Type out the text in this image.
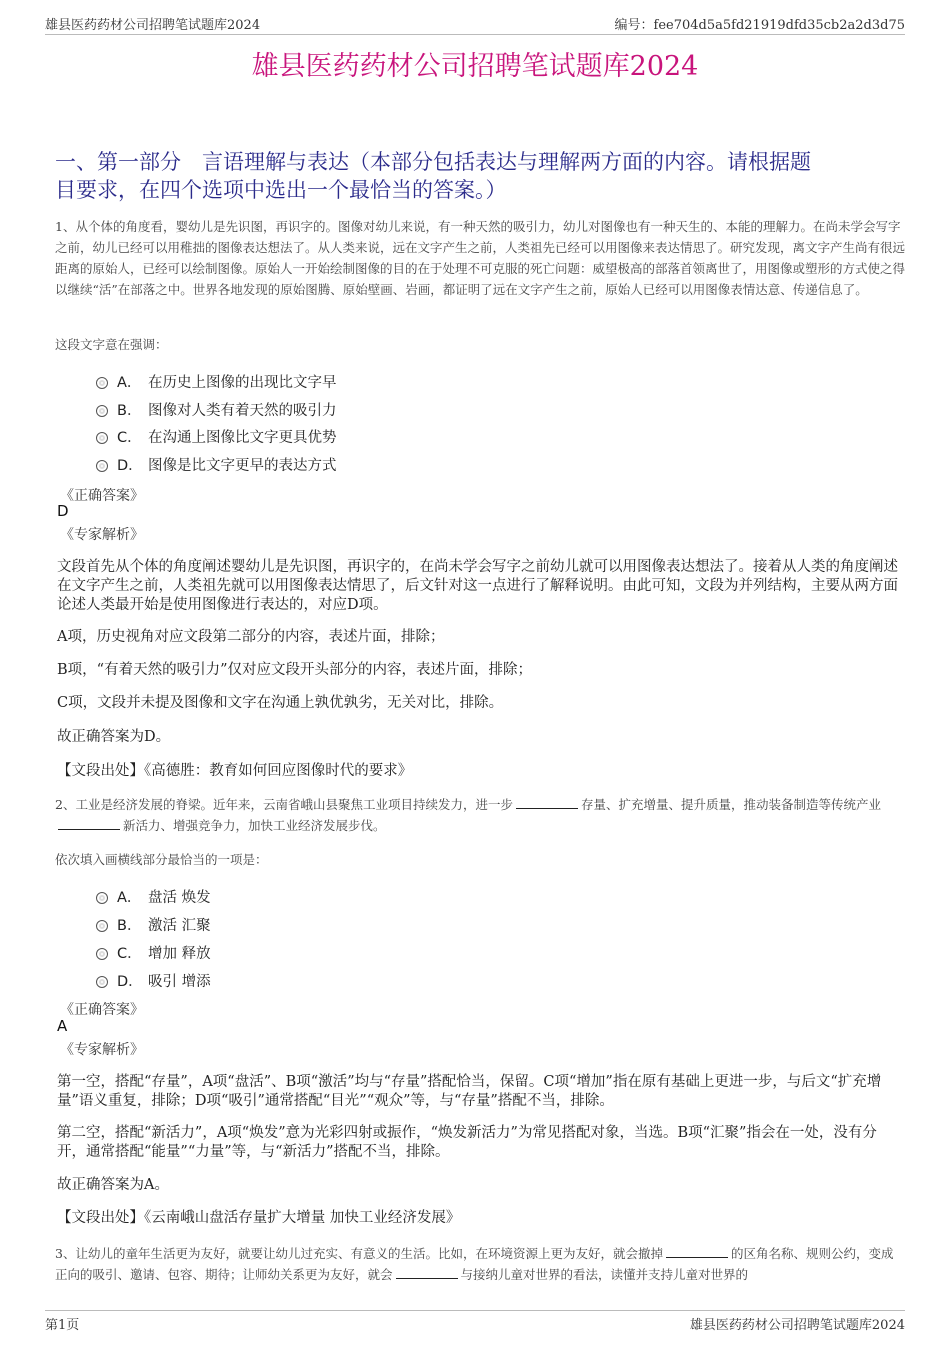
雄县医药药材公司招聘笔试题库2024	编号：fee704d5a5fd21919dfd35cb2a2d3d75
雄县医药药材公司招聘笔试题库2024
一、第一部分　言语理解与表达（本部分包括表达与理解两方面的内容。请根据题
目要求，在四个选项中选出一个最恰当的答案。）
1、从个体的角度看，婴幼儿是先识图，再识字的。图像对幼儿来说，有一种天然的吸引力，幼儿对图像也有一种天生的、本能的理解力。在尚未学会写字之前，幼儿已经可以用稚拙的图像表达想法了。从人类来说，远在文字产生之前，人类祖先已经可以用图像来表达情思了。研究发现，离文字产生尚有很远距离的原始人，已经可以绘制图像。原始人一开始绘制图像的目的在于处理不可克服的死亡问题：威望极高的部落首领离世了，用图像或塑形的方式使之得以继续“活”在部落之中。世界各地发现的原始图腾、原始壁画、岩画，都证明了远在文字产生之前，原始人已经可以用图像表情达意、传递信息了。
这段文字意在强调：
A． 在历史上图像的出现比文字早
B． 图像对人类有着天然的吸引力
C． 在沟通上图像比文字更具优势
D． 图像是比文字更早的表达方式
《正确答案》
D
《专家解析》
文段首先从个体的角度阐述婴幼儿是先识图，再识字的，在尚未学会写字之前幼儿就可以用图像表达想法了。接着从人类的角度阐述在文字产生之前，人类祖先就可以用图像表达情思了，后文针对这一点进行了解释说明。由此可知，文段为并列结构，主要从两方面论述人类最开始是使用图像进行表达的，对应D项。
A项，历史视角对应文段第二部分的内容，表述片面，排除；
B项，“有着天然的吸引力”仅对应文段开头部分的内容，表述片面，排除；
C项，文段并未提及图像和文字在沟通上孰优孰劣，无关对比，排除。
故正确答案为D。
【文段出处】《高德胜：教育如何回应图像时代的要求》
2、工业是经济发展的脊梁。近年来，云南省峨山县聚焦工业项目持续发力，进一步	存量、扩充增量、提升质量，推动装备制造等传统产业新活力、增强竞争力，加快工业经济发展步伐。
依次填入画横线部分最恰当的一项是：
A． 盘活 焕发
B． 激活 汇聚
C． 增加 释放
D． 吸引 增添
《正确答案》
A
《专家解析》
第一空，搭配“存量”，A项“盘活”、B项“激活”均与“存量”搭配恰当，保留。C项“增加”指在原有基础上更进一步，与后文“扩充增量”语义重复，排除；D项“吸引”通常搭配“目光”“观众”等，与“存量”搭配不当，排除。
第二空，搭配“新活力”，A项“焕发”意为光彩四射或振作，“焕发新活力”为常见搭配对象，当选。B项“汇聚”指会在一处，没有分开，通常搭配“能量”“力量”等，与“新活力”搭配不当，排除。
故正确答案为A。
【文段出处】《云南峨山盘活存量扩大增量 加快工业经济发展》
3、让幼儿的童年生活更为友好，就要让幼儿过充实、有意义的生活。比如，在环境资源上更为友好，就会撤掉	的区角名称、规则公约，变成正向的吸引、邀请、包容、期待；让师幼关系更为友好，就会	与接纳儿童对世界的看法，读懂并支持儿童对世界的
第1页	雄县医药药材公司招聘笔试题库2024
